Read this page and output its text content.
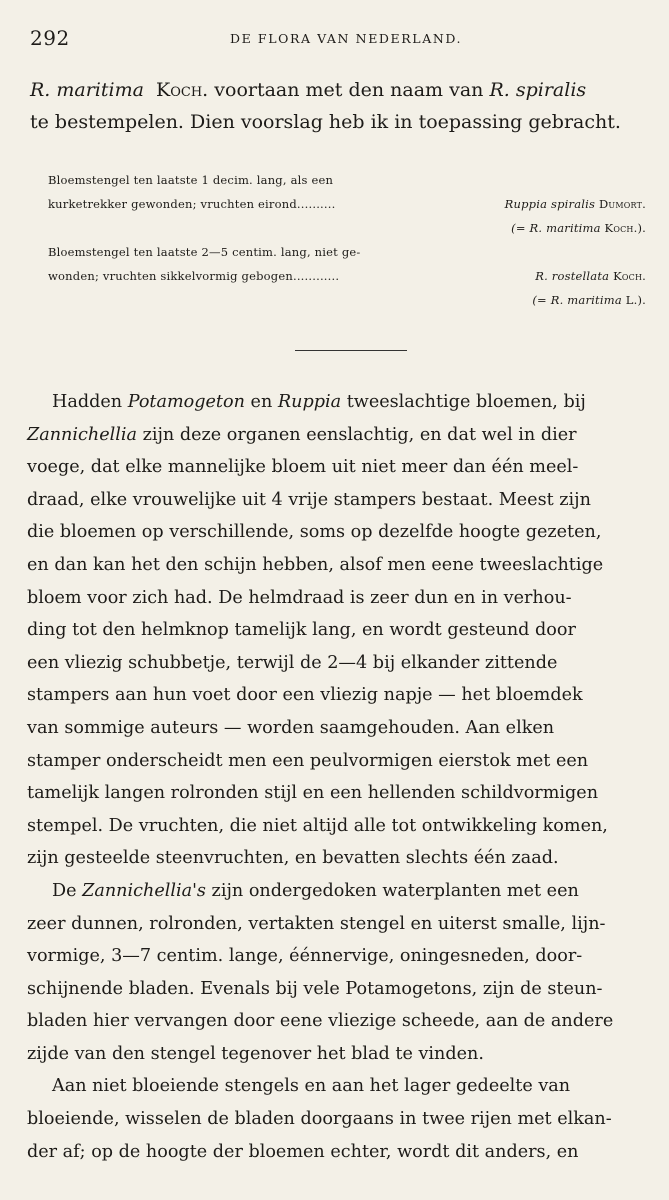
292	DE FLORA VAN NEDERLAND.
R. maritima Koch. voortaan met den naam van R. spiralis
te bestempelen. Dien voorslag heb ik in toepassing gebracht.
Bloemstengel ten laatste 1 decim. lang, als een
kurketrekker gewonden; vruchten eirond..........	Ruppia spiralis Dumort.
(= R. maritima Koch.).
Bloemstengel ten laatste 2—5 centim. lang, niet ge-
wonden; vruchten sikkelvormig gebogen............	R. rostellata Koch.
(= R. maritima L.).
Hadden Potamogeton en Ruppia tweeslachtige bloemen, bij
Zannichellia zijn deze organen eenslachtig, en dat wel in dier
voege, dat elke mannelijke bloem uit niet meer dan één meel-
draad, elke vrouwelijke uit 4 vrije stampers bestaat. Meest zijn
die bloemen op verschillende, soms op dezelfde hoogte gezeten,
en dan kan het den schijn hebben, alsof men eene tweeslachtige
bloem voor zich had. De helmdraad is zeer dun en in verhou-
ding tot den helmknop tamelijk lang, en wordt gesteund door
een vliezig schubbetje, terwijl de 2—4 bij elkander zittende
stampers aan hun voet door een vliezig napje — het bloemdek
van sommige auteurs — worden saamgehouden. Aan elken
stamper onderscheidt men een peulvormigen eierstok met een
tamelijk langen rolronden stijl en een hellenden schildvormigen
stempel. De vruchten, die niet altijd alle tot ontwikkeling komen,
zijn gesteelde steenvruchten, en bevatten slechts één zaad.
De Zannichellia's zijn ondergedoken waterplanten met een
zeer dunnen, rolronden, vertakten stengel en uiterst smalle, lijn-
vormige, 3—7 centim. lange, éénnervige, oningesneden, door-
schijnende bladen. Evenals bij vele Potamogetons, zijn de steun-
bladen hier vervangen door eene vliezige scheede, aan de andere
zijde van den stengel tegenover het blad te vinden.
Aan niet bloeiende stengels en aan het lager gedeelte van
bloeiende, wisselen de bladen doorgaans in twee rijen met elkan-
der af; op de hoogte der bloemen echter, wordt dit anders, en
